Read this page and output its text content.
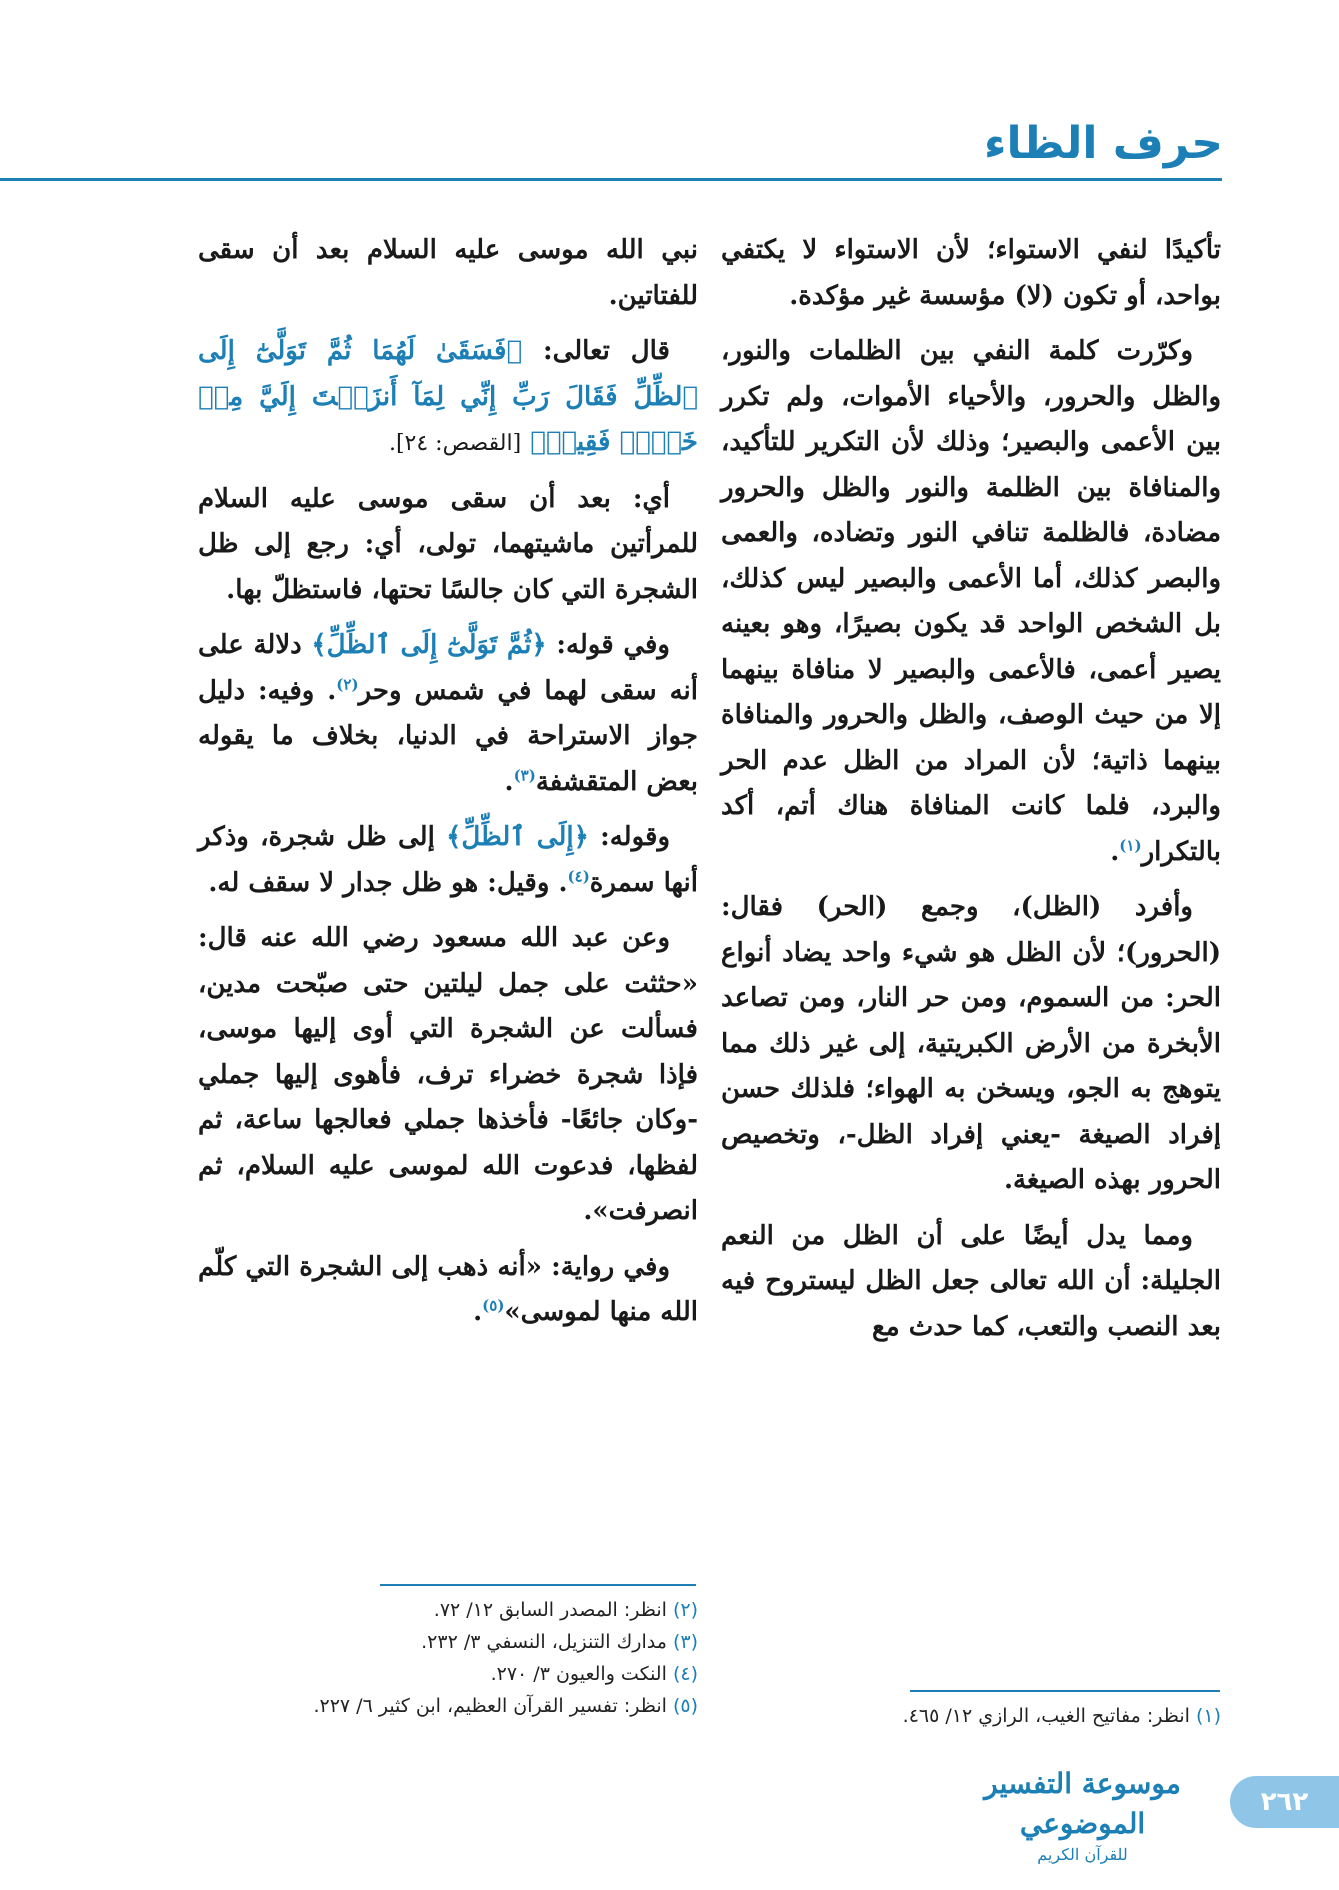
حرف الظاء

تأكيدًا لنفي الاستواء؛ لأن الاستواء لا يكتفي بواحد، أو تكون (لا) مؤسسة غير مؤكدة.

وكرّرت كلمة النفي بين الظلمات والنور، والظل والحرور، والأحياء الأموات، ولم تكرر بين الأعمى والبصير؛ وذلك لأن التكرير للتأكيد، والمنافاة بين الظلمة والنور والظل والحرور مضادة، فالظلمة تنافي النور وتضاده، والعمى والبصر كذلك، أما الأعمى والبصير ليس كذلك، بل الشخص الواحد قد يكون بصيرًا، وهو بعينه يصير أعمى، فالأعمى والبصير لا منافاة بينهما إلا من حيث الوصف، والظل والحرور والمنافاة بينهما ذاتية؛ لأن المراد من الظل عدم الحر والبرد، فلما كانت المنافاة هناك أتم، أكد بالتكرار$^{(١)}$.

وأفرد (الظل)، وجمع (الحر) فقال: (الحرور)؛ لأن الظل هو شيء واحد يضاد أنواع الحر: من السموم، ومن حر النار، ومن تصاعد الأبخرة من الأرض الكبريتية، إلى غير ذلك مما يتوهج به الجو، ويسخن به الهواء؛ فلذلك حسن إفراد الصيغة -يعني إفراد الظل-، وتخصيص الحرور بهذه الصيغة.

ومما يدل أيضًا على أن الظل من النعم الجليلة: أن الله تعالى جعل الظل ليستروح فيه بعد النصب والتعب، كما حدث مع

نبي الله موسى عليه السلام بعد أن سقى للفتاتين.

قال تعالى: ﴿فَسَقَىٰ لَهُمَا ثُمَّ تَوَلَّىٰٓ إِلَى ٱلظِّلِّ فَقَالَ رَبِّ إِنِّي لِمَآ أَنزَلۡتَ إِلَيَّ مِنۡ خَيۡرٖ فَقِيرٞ﴾ [القصص: ٢٤].

أي: بعد أن سقى موسى عليه السلام للمرأتين ماشيتهما، تولى، أي: رجع إلى ظل الشجرة التي كان جالسًا تحتها، فاستظلّ بها.

وفي قوله: ﴿ثُمَّ تَوَلَّىٰٓ إِلَى ٱلظِّلِّ﴾ دلالة على أنه سقى لهما في شمس وحر$^{(٢)}$. وفيه: دليل جواز الاستراحة في الدنيا، بخلاف ما يقوله بعض المتقشفة$^{(٣)}$.

وقوله: ﴿إِلَى ٱلظِّلِّ﴾ إلى ظل شجرة، وذكر أنها سمرة$^{(٤)}$. وقيل: هو ظل جدار لا سقف له.

وعن عبد الله مسعود رضي الله عنه قال: «حثثت على جمل ليلتين حتى صبّحت مدين، فسألت عن الشجرة التي أوى إليها موسى، فإذا شجرة خضراء ترف، فأهوى إليها جملي -وكان جائعًا- فأخذها جملي فعالجها ساعة، ثم لفظها، فدعوت الله لموسى عليه السلام، ثم انصرفت».

وفي رواية: «أنه ذهب إلى الشجرة التي كلّم الله منها لموسى»$^{(٥)}$.

(١) انظر: مفاتيح الغيب، الرازي ١٢/ ٤٦٥.
(٢) انظر: المصدر السابق ١٢/ ٧٢.
(٣) مدارك التنزيل، النسفي ٣/ ٢٣٢.
(٤) النكت والعيون ٣/ ٢٧٠.
(٥) انظر: تفسير القرآن العظيم، ابن كثير ٦/ ٢٢٧.
موسوعة التفسير الموضوعي
للقرآن الكريم
٢٦٢
